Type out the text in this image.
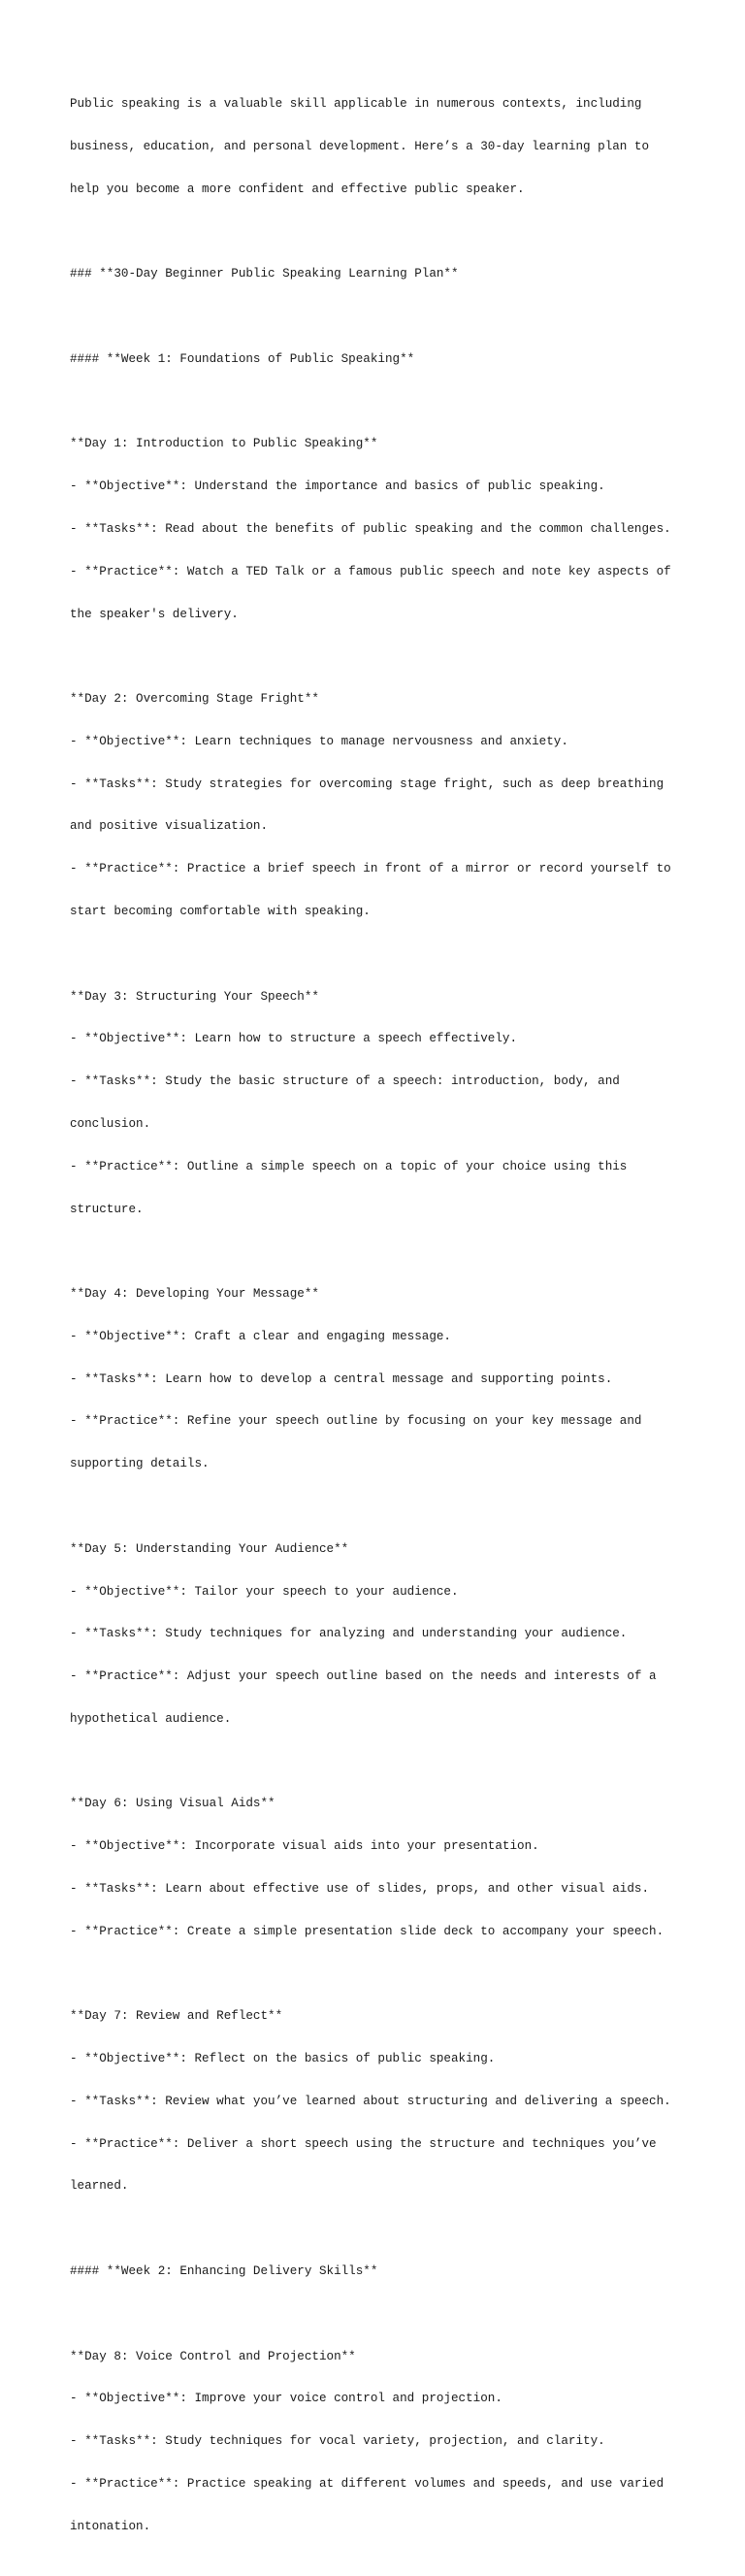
Public speaking is a valuable skill applicable in numerous contexts, including

business, education, and personal development. Here’s a 30-day learning plan to

help you become a more confident and effective public speaker.

### **30-Day Beginner Public Speaking Learning Plan**

#### **Week 1: Foundations of Public Speaking**

**Day 1: Introduction to Public Speaking**

- **Objective**: Understand the importance and basics of public speaking.

- **Tasks**: Read about the benefits of public speaking and the common challenges.

- **Practice**: Watch a TED Talk or a famous public speech and note key aspects of

the speaker's delivery.

**Day 2: Overcoming Stage Fright**

- **Objective**: Learn techniques to manage nervousness and anxiety.

- **Tasks**: Study strategies for overcoming stage fright, such as deep breathing

and positive visualization.

- **Practice**: Practice a brief speech in front of a mirror or record yourself to

start becoming comfortable with speaking.

**Day 3: Structuring Your Speech**

- **Objective**: Learn how to structure a speech effectively.

- **Tasks**: Study the basic structure of a speech: introduction, body, and

conclusion.

- **Practice**: Outline a simple speech on a topic of your choice using this

structure.

**Day 4: Developing Your Message**

- **Objective**: Craft a clear and engaging message.

- **Tasks**: Learn how to develop a central message and supporting points.

- **Practice**: Refine your speech outline by focusing on your key message and

supporting details.

**Day 5: Understanding Your Audience**

- **Objective**: Tailor your speech to your audience.

- **Tasks**: Study techniques for analyzing and understanding your audience.

- **Practice**: Adjust your speech outline based on the needs and interests of a

hypothetical audience.

**Day 6: Using Visual Aids**

- **Objective**: Incorporate visual aids into your presentation.

- **Tasks**: Learn about effective use of slides, props, and other visual aids.

- **Practice**: Create a simple presentation slide deck to accompany your speech.

**Day 7: Review and Reflect**

- **Objective**: Reflect on the basics of public speaking.

- **Tasks**: Review what you’ve learned about structuring and delivering a speech.

- **Practice**: Deliver a short speech using the structure and techniques you’ve

learned.

#### **Week 2: Enhancing Delivery Skills**

**Day 8: Voice Control and Projection**

- **Objective**: Improve your voice control and projection.

- **Tasks**: Study techniques for vocal variety, projection, and clarity.

- **Practice**: Practice speaking at different volumes and speeds, and use varied

intonation.
